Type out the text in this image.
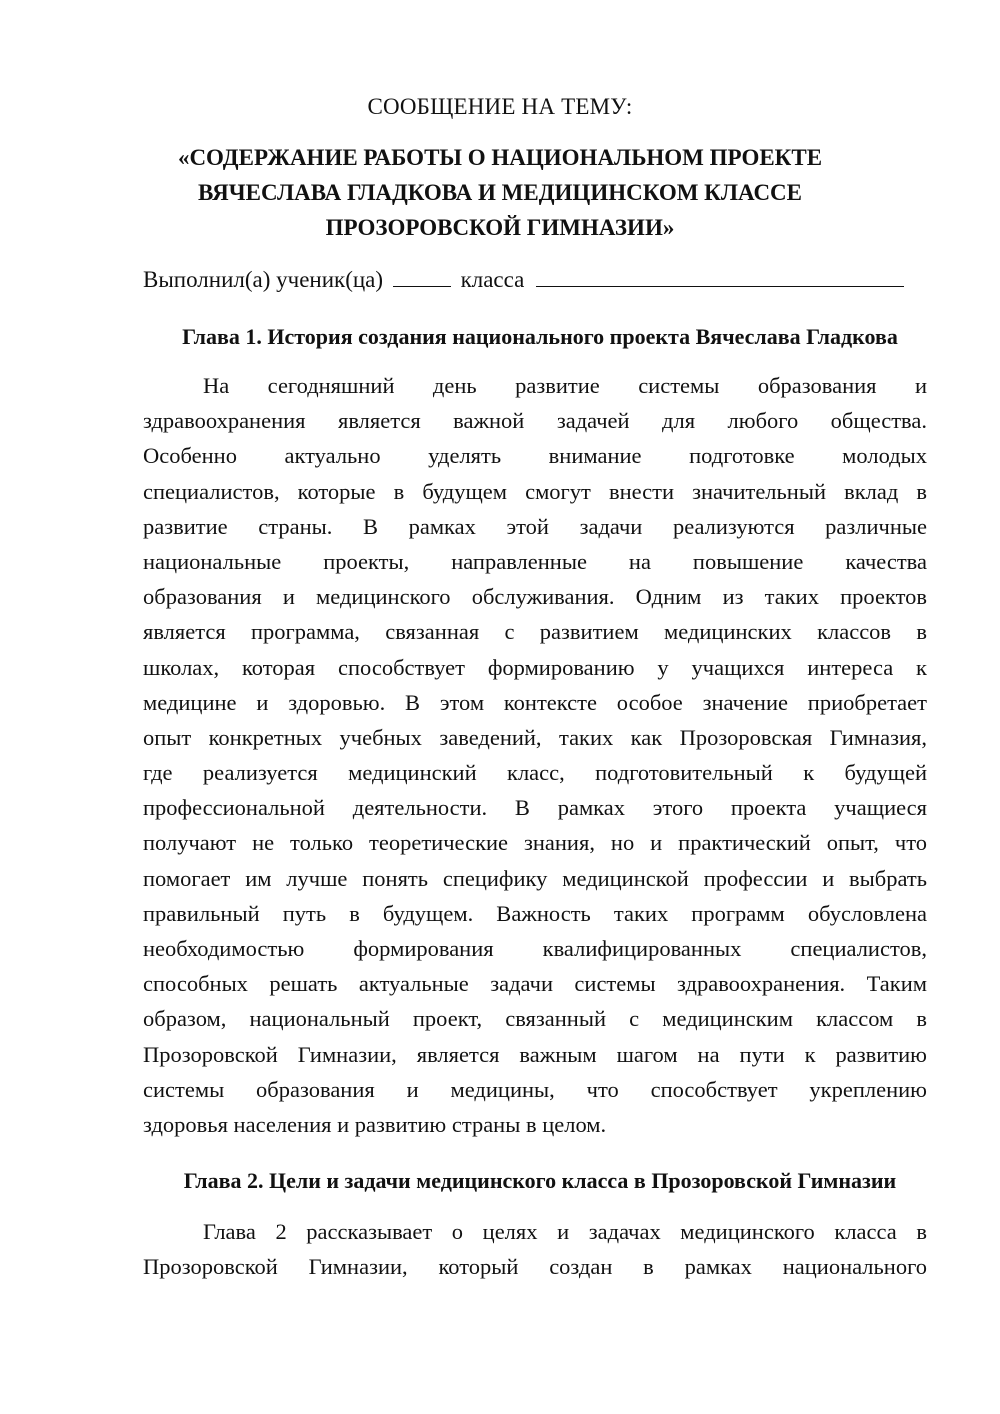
СООБЩЕНИЕ НА ТЕМУ:
«СОДЕРЖАНИЕ РАБОТЫ О НАЦИОНАЛЬНОМ ПРОЕКТЕ
ВЯЧЕСЛАВА ГЛАДКОВА И МЕДИЦИНСКОМ КЛАССЕ
ПРОЗОРОВСКОЙ ГИМНАЗИИ»
Выполнил(а) ученик(ца)	класса
Глава 1. История создания национального проекта Вячеслава Гладкова
На сегодняшний день развитие системы образования и
здравоохранения является важной задачей для любого общества.
Особенно актуально уделять внимание подготовке молодых
специалистов, которые в будущем смогут внести значительный вклад в
развитие страны. В рамках этой задачи реализуются различные
национальные проекты, направленные на повышение качества
образования и медицинского обслуживания. Одним из таких проектов
является программа, связанная с развитием медицинских классов в
школах, которая способствует формированию у учащихся интереса к
медицине и здоровью. В этом контексте особое значение приобретает
опыт конкретных учебных заведений, таких как Прозоровская Гимназия,
где реализуется медицинский класс, подготовительный к будущей
профессиональной деятельности. В рамках этого проекта учащиеся
получают не только теоретические знания, но и практический опыт, что
помогает им лучше понять специфику медицинской профессии и выбрать
правильный путь в будущем. Важность таких программ обусловлена
необходимостью формирования квалифицированных специалистов,
способных решать актуальные задачи системы здравоохранения. Таким
образом, национальный проект, связанный с медицинским классом в
Прозоровской Гимназии, является важным шагом на пути к развитию
системы образования и медицины, что способствует укреплению
здоровья населения и развитию страны в целом.
Глава 2. Цели и задачи медицинского класса в Прозоровской Гимназии
Глава 2 рассказывает о целях и задачах медицинского класса в
Прозоровской Гимназии, который создан в рамках национального
